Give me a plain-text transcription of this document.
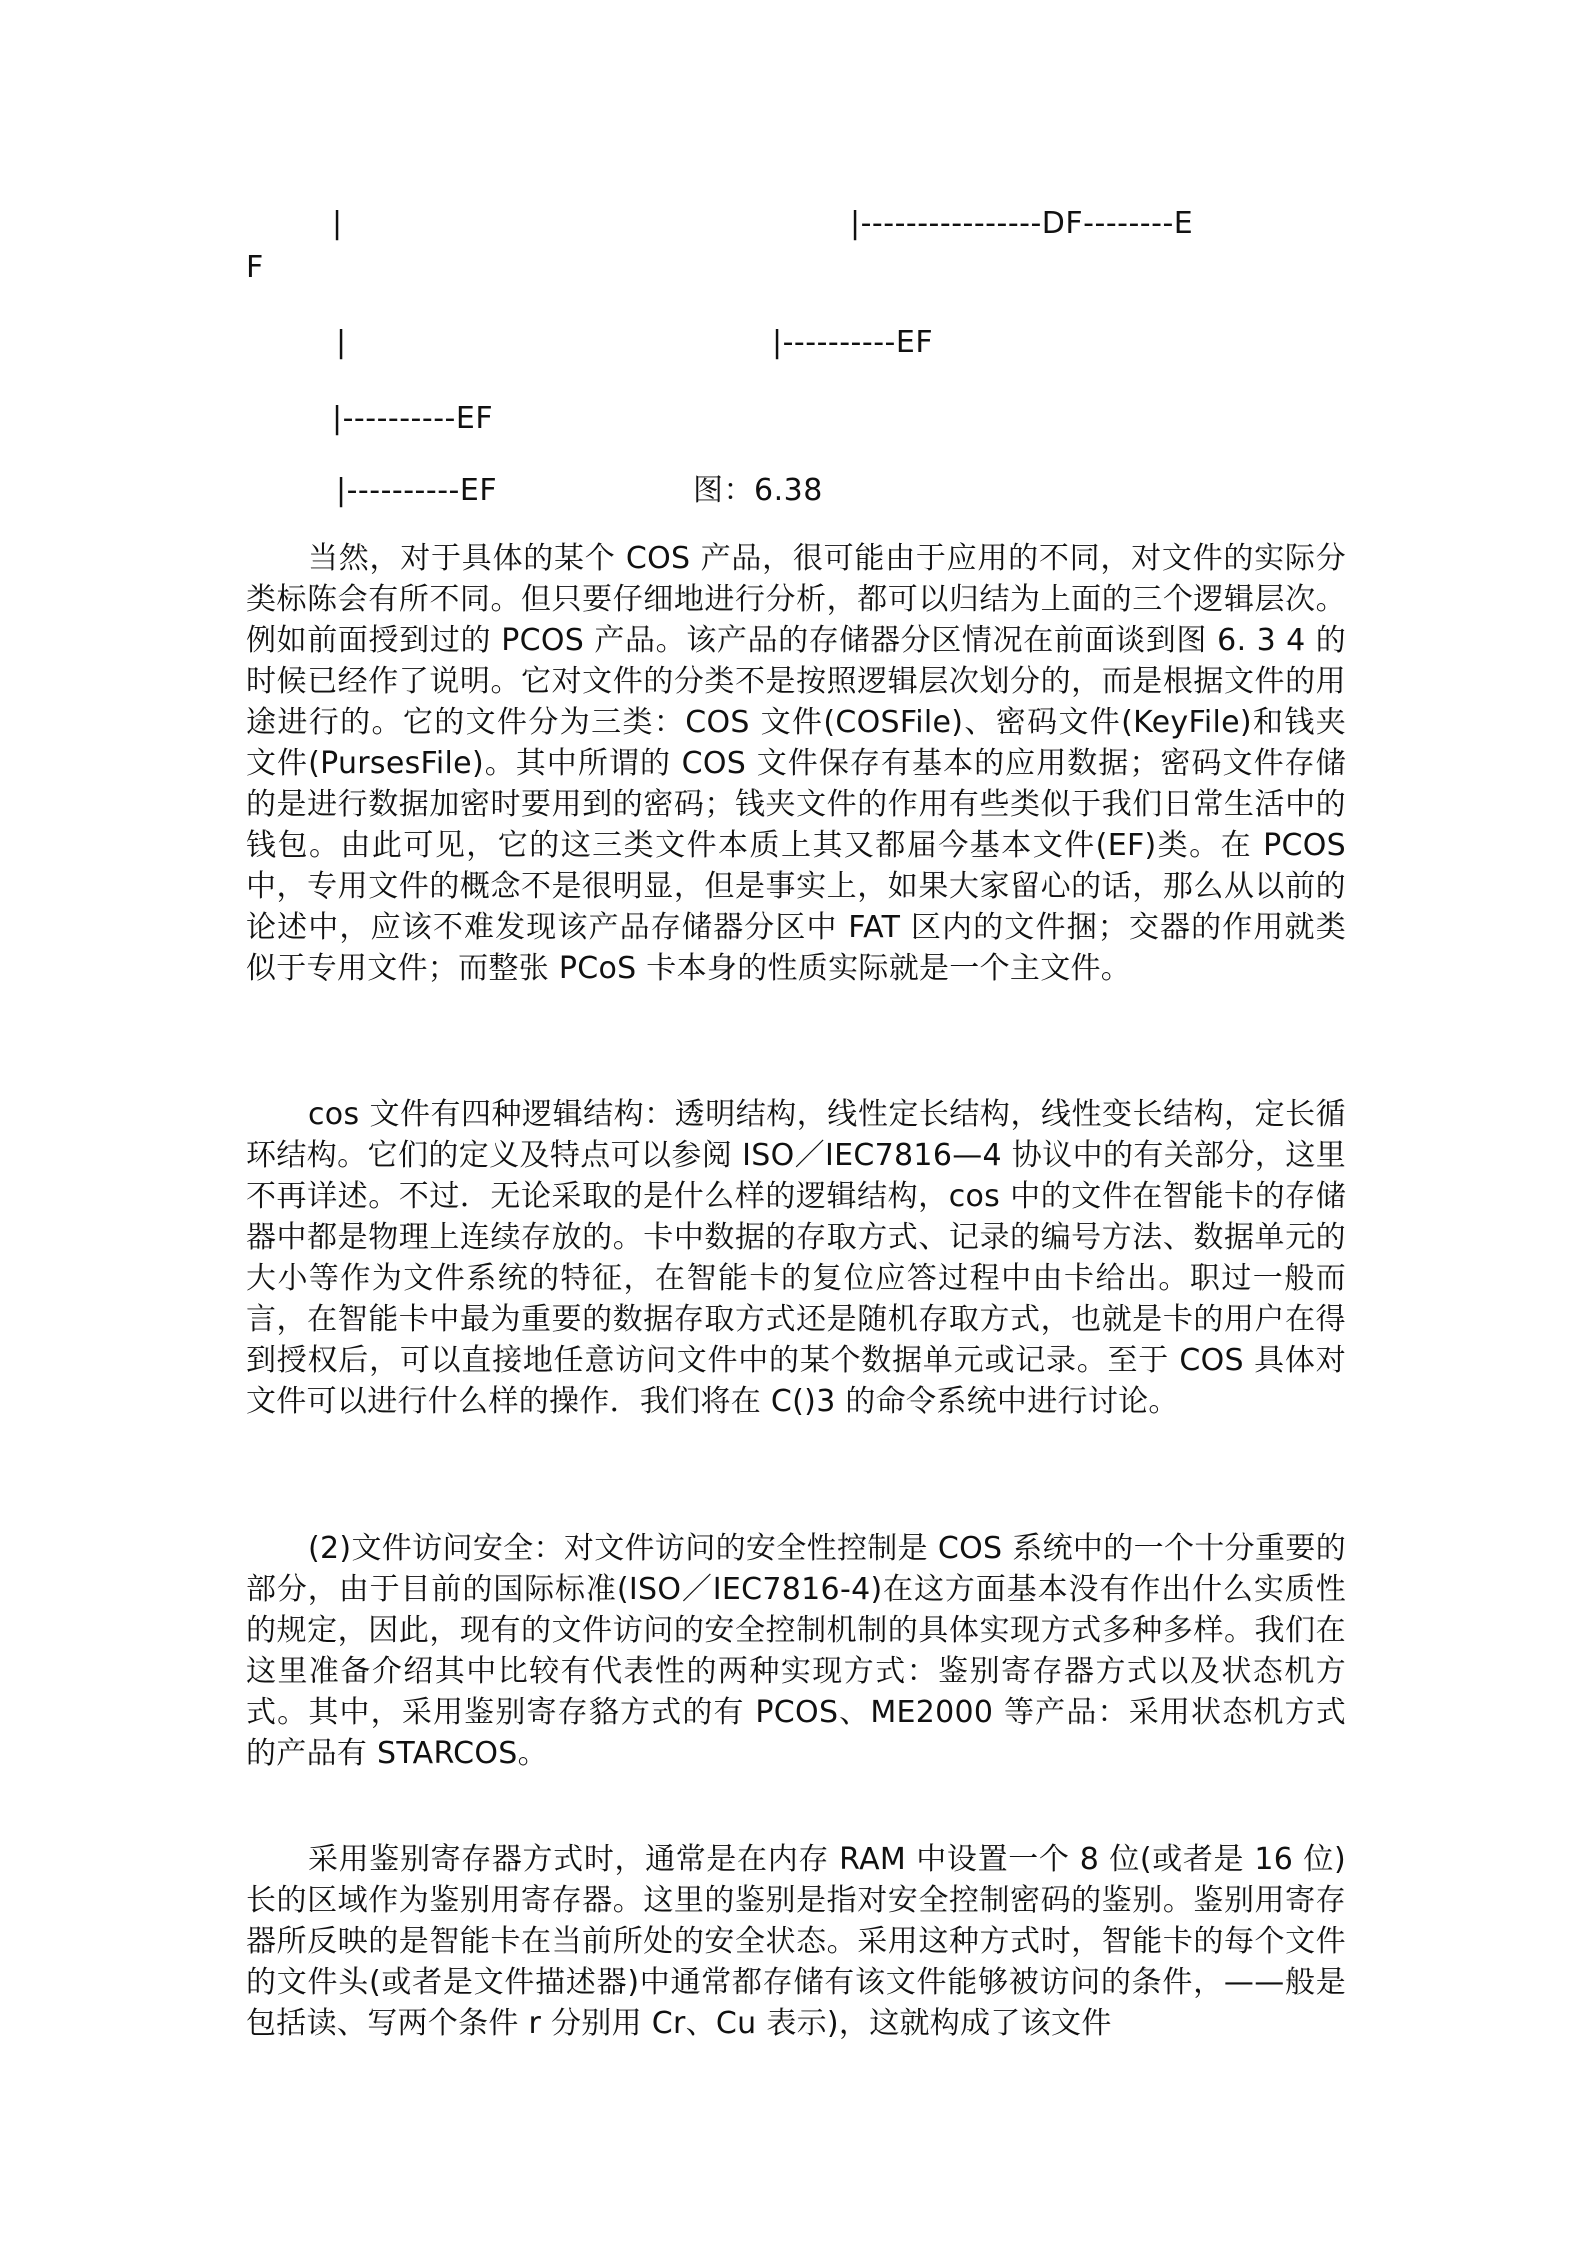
|	|----------------DF--------E
F
|	|----------EF
|----------EF
|----------EF	图：6.38

当然，对于具体的某个 COS 产品，很可能由于应用的不同，对文件的实际分类标陈会有所不同。但只要仔细地进行分析，都可以归结为上面的三个逻辑层次。例如前面授到过的 PCOS 产品。该产品的存储器分区情况在前面谈到图 6. 3 4 的时候已经作了说明。它对文件的分类不是按照逻辑层次划分的，而是根据文件的用途进行的。它的文件分为三类：COS 文件(COSFile)、密码文件(KeyFile)和钱夹文件(PursesFile)。其中所谓的 COS 文件保存有基本的应用数据；密码文件存储的是进行数据加密时要用到的密码；钱夹文件的作用有些类似于我们日常生活中的钱包。由此可见，它的这三类文件本质上其又都届今基本文件(EF)类。在 PCOS 中，专用文件的概念不是很明显，但是事实上，如果大家留心的话，那么从以前的论述中，应该不难发现该产品存储器分区中 FAT 区内的文件捆；交器的作用就类似于专用文件；而整张 PCoS 卡本身的性质实际就是一个主文件。

cos 文件有四种逻辑结构：透明结构，线性定长结构，线性变长结构，定长循环结构。它们的定义及特点可以参阅 ISO／IEC7816—4 协议中的有关部分，这里不再详述。不过．无论采取的是什么样的逻辑结构，cos 中的文件在智能卡的存储器中都是物理上连续存放的。卡中数据的存取方式、记录的编号方法、数据单元的大小等作为文件系统的特征，在智能卡的复位应答过程中由卡给出。职过一般而言，在智能卡中最为重要的数据存取方式还是随机存取方式，也就是卡的用户在得到授权后，可以直接地任意访问文件中的某个数据单元或记录。至于 COS 具体对文件可以进行什么样的操作．我们将在 C()3 的命令系统中进行讨论。

(2)文件访问安全：对文件访问的安全性控制是 COS 系统中的一个十分重要的部分，由于目前的国际标准(ISO／IEC7816-4)在这方面基本没有作出什么实质性的规定，因此，现有的文件访问的安全控制机制的具体实现方式多种多样。我们在这里准备介绍其中比较有代表性的两种实现方式：鉴别寄存器方式以及状态机方式。其中，采用鉴别寄存貉方式的有 PCOS、ME2000 等产品：采用状态机方式的产品有 STARCOS。

采用鉴别寄存器方式时，通常是在内存 RAM 中设置一个 8 位(或者是 16 位)长的区域作为鉴别用寄存器。这里的鉴别是指对安全控制密码的鉴别。鉴别用寄存器所反映的是智能卡在当前所处的安全状态。采用这种方式时，智能卡的每个文件的文件头(或者是文件描述器)中通常都存储有该文件能够被访问的条件，——般是包括读、写两个条件 r 分别用 Cr、Cu 表示)，这就构成了该文件
